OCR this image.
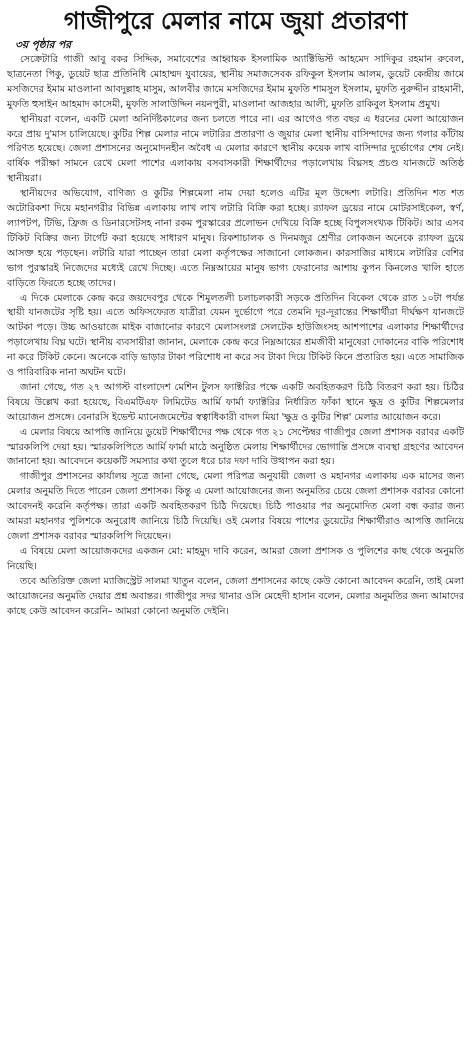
গাজীপুরে মেলার নামে জুয়া প্রতারণা
৩য় পৃষ্ঠার পর

সেক্রেটারি গাজী আবু বকর সিদ্দিক, সমাবেশের আহ্বায়ক ইসলামিক অ্যাক্টিভিস্ট আহমেদ সাদিকুর রহমান রুবেল, ছাত্রনেতা পিকু, ডুয়েট ছাত্র প্রতিনিধি মোহাম্মদ যুবায়ের, স্থানীয় সমাজসেবক রফিকুল ইসলাম আলম, ডুয়েট কেন্দ্রীয় জামে মসজিদের ইমাম মাওলানা আবদুল্লাহ মাসুম, আলবীর জামে মসজিদের ইমাম মুফতি শামসুল ইসলাম, মুফতি নুরুদ্দীন রাহমানী, মুফতি হুসাইন আহমাদ কাসেমী, মুফতি সালাউদ্দিন নয়নপুরী, মাওলানা আজহার আলী, মুফতি রাকিবুল ইসলাম প্রমুখ।

স্থানীয়রা বলেন, একটি মেলা অনির্দিষ্টকালের জন্য চলতে পারে না। এর আগেও গত বছর এ ধরনের মেলা আয়োজন করে প্রায় দু'মাস চালিয়েছে। কুটির শিল্প মেলার নামে লটারির প্রতারণা ও জুয়ার মেলা স্থানীয় বাসিন্দাদের জন্য গলার কাঁটায় পরিণত হয়েছে। জেলা প্রশাসনের অনুমোদনহীন অবৈধ এ মেলার কারণে স্থানীয় কয়েক লাখ বাসিন্দার দুর্ভোগের শেষ নেই। বার্ষিক পরীক্ষা সামনে রেখে মেলা পাশের এলাকায় বসবাসকারী শিক্ষার্থীদের পড়ালেখায় বিঘ্নসহ প্রচণ্ড যানজটে অতিষ্ঠ স্থানীয়রা।

স্থানীয়দের অভিযোগ, বাণিজ্য ও কুটির শিল্পমেলা নাম দেয়া হলেও এটির মূল উদ্দেশ্য লটারি। প্রতিদিন শত শত অটোরিকশা দিয়ে মহানগরীর বিভিন্ন এলাকায় লাখ লাখ লটারি বিক্রি করা হচ্ছে। র‍্যাফল ড্রয়ের নামে মোটরসাইকেল, স্বর্ণ, ল্যাপটপ, টিভি, ফ্রিজ ও ডিনারসেটসহ নানা রকম পুরস্কারের প্রলোভন দেখিয়ে বিক্রি হচ্ছে বিপুলসংখ্যক টিকিট। আর এসব টিকিট বিক্রির জন্য টার্গেট করা হয়েছে সাধারণ মানুষ। রিকশাচালক ও দিনমজুর শ্রেণীর লোকজন অনেকে র‍্যাফল ড্রয়ে আসক্ত হয়ে পড়ছেন। লটারি যারা পাচ্ছেন তারা মেলা কর্তৃপক্ষের সাজানো লোকজন। কারসাজির মাধ্যমে লটারির বেশির ভাগ পুরস্কারই নিজেদের মধ্যেই রেখে দিচ্ছে। এতে নিম্নআয়ের মানুষ ভাগ্য ফেরানোর আশায় কুপন কিনলেও খালি হাতে বাড়িতে ফিরতে হচ্ছে তাদের।

এ দিকে মেলাকে কেন্দ্র করে জয়দেবপুর থেকে শিমুলতলী চলাচলকারী সড়কে প্রতিদিন বিকেল থেকে রাত ১০টা পর্যন্ত স্থায়ী যানজটের সৃষ্টি হয়। এতে অফিসফেরত যাত্রীরা যেমন দুর্ভোগে পরে তেমনি দূর-দূরান্তের শিক্ষার্থীরা দীর্ঘক্ষণ যানজটে আটকা পড়ে। উচ্চ আওয়াজে মাইক বাজানোর কারণে মেলাসংলগ্ন সেলটেক হাউজিংসহ আশপাশের এলাকার শিক্ষার্থীদের পড়ালেখায় বিঘ্ন ঘটে। স্থানীয় ব্যবসায়ীরা জানান, মেলাকে কেন্দ্র করে নিম্নআয়ের শ্রমজীবী মানুষেরা দোকানের বাকি পরিশোধ না করে টিকিট কেনে। অনেকে বাড়ি ভাড়ার টাকা পরিশোধ না করে সব টাকা দিয়ে টিকিট কিনে প্রতারিত হয়। এতে সামাজিক ও পারিবারিক নানা অঘটন ঘটে।

জানা গেছে, গত ২৭ আগস্ট বাংলাদেশ মেশিন টুলস ফ্যাক্টরির পক্ষে একটি অবহিতকরণ চিঠি বিতরণ করা হয়। চিঠির বিষয়ে উল্লেখ করা হয়েছে, বিএমটিএফ লিমিটেড আর্মি ফার্মা ফ্যাক্টরির নির্ধারিত ফাঁকা স্থানে ক্ষুদ্র ও কুটির শিল্পমেলার আয়োজন প্রসঙ্গে। বেনারসি ইভেন্ট ম্যানেজমেন্টের স্বত্বাধিকারী বাদল মিয়া 'ক্ষুদ্র ও কুটির শিল্প' মেলার আয়োজন করে।

এ মেলার বিষয়ে আপত্তি জানিয়ে ডুয়েট শিক্ষার্থীদের পক্ষ থেকে গত ২১ সেপ্টেম্বর গাজীপুর জেলা প্রশাসক বরাবর একটি স্মারকলিপি দেয়া হয়। স্মারকলিপিতে আর্মি ফার্মা মাঠে অনুষ্ঠিত মেলায় শিক্ষার্থীদের ভোগান্তি প্রসঙ্গে ব্যবস্থা গ্রহণের আবেদন জানানো হয়। আবেদনে কয়েকটি সমস্যার কথা তুলে ধরে চার দফা দাবি উত্থাপন করা হয়।

গাজীপুর প্রশাসনের কার্যালয় সূত্রে জানা গেছে, মেলা পরিপত্র অনুযায়ী জেলা ও মহানগর এলাকায় এক মাসের জন্য মেলার অনুমতি দিতে পারেন জেলা প্রশাসক। কিন্তু এ মেলা আয়োজনের জন্য অনুমতির চেয়ে জেলা প্রশাসক বরাবর কোনো আবেদনই করেনি কর্তৃপক্ষ। তারা একটি অবহিতকরণ চিঠি দিয়েছে। চিঠি পাওয়ার পর অনুমোদিত মেলা বন্ধ করার জন্য আমরা মহানগর পুলিশকে অনুরোধ জানিয়ে চিঠি দিয়েছি। ওই মেলার বিষয়ে পাশের ডুয়েটের শিক্ষার্থীরাও আপত্তি জানিয়ে জেলা প্রশাসক বরাবর স্মারকলিপি দিয়েছেন।

এ বিষয়ে মেলা আয়োজকদের একজন মো: মাহমুদ দাবি করেন, আমরা জেলা প্রশাসক ও পুলিশের কাছ থেকে অনুমতি নিয়েছি।

তবে অতিরিক্ত জেলা ম্যাজিস্ট্রেট সালমা খাতুন বলেন, জেলা প্রশাসনের কাছে কেউ কোনো আবেদন করেনি, তাই মেলা আয়োজনের অনুমতি দেয়ার প্রশ্ন অবান্তর। গাজীপুর সদর থানার ওসি মেহেদী হাসান বলেন, মেলার অনুমতির জন্য আমাদের কাছে কেউ আবেদন করেনি– আমরা কোনো অনুমতি দেইনি।
